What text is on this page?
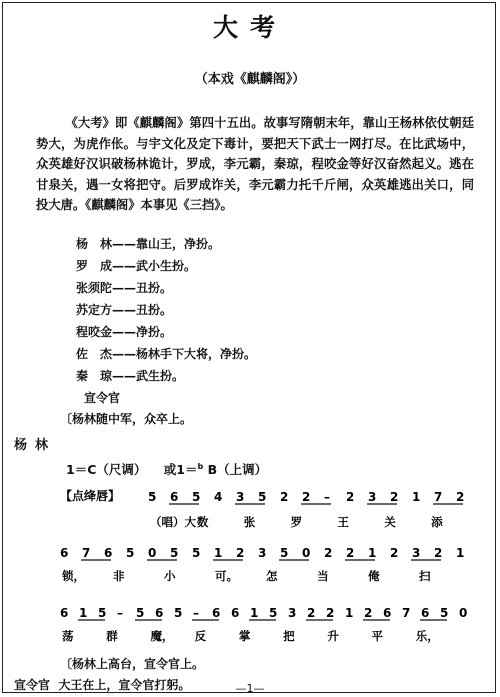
大考
（本戏《麒麟阁》）
《大考》即《麒麟阁》第四十五出。故事写隋朝末年，靠山王杨林依仗朝廷势大，为虎作伥。与宇文化及定下毒计，要把天下武士一网打尽。在比武场中，众英雄好汉识破杨林诡计，罗成，李元霸，秦琼，程咬金等好汉奋然起义。逃在甘泉关，遇一女将把守。后罗成诈关，李元霸力托千斤闸，众英雄逃出关口，同投大唐。《麒麟阁》本事见《三挡》。
杨　林——靠山王，净扮。
罗　成——武小生扮。
张须陀——丑扮。
苏定方——丑扮。
程咬金——净扮。
佐　杰——杨林手下大将，净扮。
秦　琼——武生扮。
宣令官
〔杨林随中军，众卒上。
杨林
1＝C（尺调） 或1＝$^b$ B（上调）
【点绛唇】 5 6 5 4 3 5 2 2 – 2 3 2 1 7 2
（唱）大 数	张	罗	王	关	添
6 7 6 5 0 5 5 1 2 3 5 0 2 2 1 2 3 2 1
锁， 非	小	可。 怎	当	俺	扫
6 1 5 – 5 6 5 – 6 6 1 5 3 2 2 1 2 6 7 6 5 0
荡	群	魔， 反	掌	把	升	平	乐，
〔杨林上高台，宣令官上。
宣令官 大王在上，宣令官打躬。	—1—
